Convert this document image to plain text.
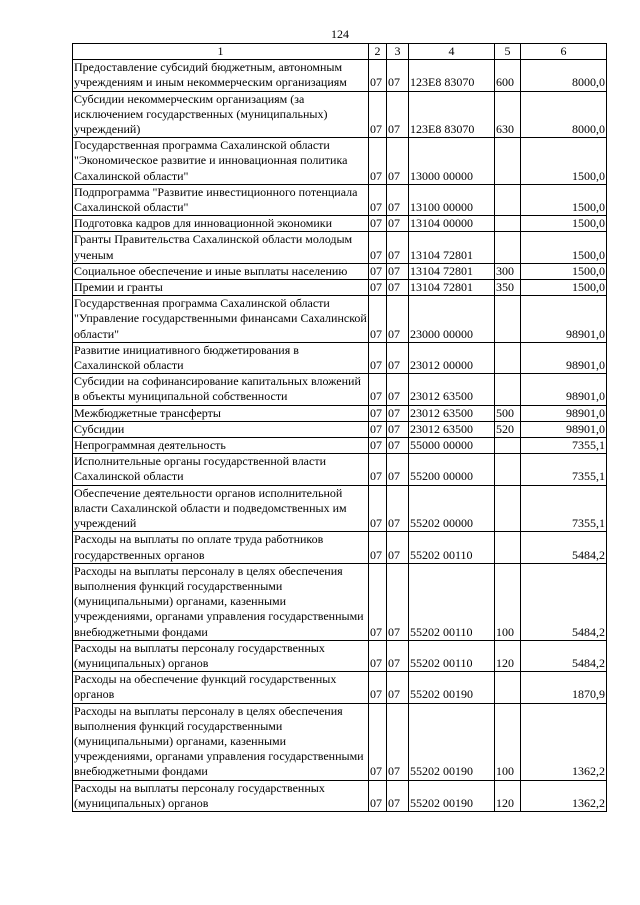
124
1	2	3	4	5	6
Предоставление субсидий бюджетным, автономным учреждениям и иным некоммерческим организациям	07	07	123E8 83070	600	8000,0
Субсидии некоммерческим организациям (за исключением государственных (муниципальных) учреждений)	07	07	123E8 83070	630	8000,0
Государственная программа Сахалинской области "Экономическое развитие и инновационная политика Сахалинской области"	07	07	13000 00000		1500,0
Подпрограмма "Развитие инвестиционного потенциала Сахалинской области"	07	07	13100 00000		1500,0
Подготовка кадров для инновационной экономики	07	07	13104 00000		1500,0
Гранты Правительства Сахалинской области молодым ученым	07	07	13104 72801		1500,0
Социальное обеспечение и иные выплаты населению	07	07	13104 72801	300	1500,0
Премии и гранты	07	07	13104 72801	350	1500,0
Государственная программа Сахалинской области "Управление государственными финансами Сахалинской области"	07	07	23000 00000		98901,0
Развитие инициативного бюджетирования в Сахалинской области	07	07	23012 00000		98901,0
Субсидии на софинансирование капитальных вложений в объекты муниципальной собственности	07	07	23012 63500		98901,0
Межбюджетные трансферты	07	07	23012 63500	500	98901,0
Субсидии	07	07	23012 63500	520	98901,0
Непрограммная деятельность	07	07	55000 00000		7355,1
Исполнительные органы государственной власти Сахалинской области	07	07	55200 00000		7355,1
Обеспечение деятельности органов исполнительной власти Сахалинской области и подведомственных им учреждений	07	07	55202 00000		7355,1
Расходы на выплаты по оплате труда работников государственных органов	07	07	55202 00110		5484,2
Расходы на выплаты персоналу в целях обеспечения выполнения функций государственными (муниципальными) органами, казенными учреждениями, органами управления государственными внебюджетными фондами	07	07	55202 00110	100	5484,2
Расходы на выплаты персоналу государственных (муниципальных) органов	07	07	55202 00110	120	5484,2
Расходы на обеспечение функций государственных органов	07	07	55202 00190		1870,9
Расходы на выплаты персоналу в целях обеспечения выполнения функций государственными (муниципальными) органами, казенными учреждениями, органами управления государственными внебюджетными фондами	07	07	55202 00190	100	1362,2
Расходы на выплаты персоналу государственных (муниципальных) органов	07	07	55202 00190	120	1362,2
